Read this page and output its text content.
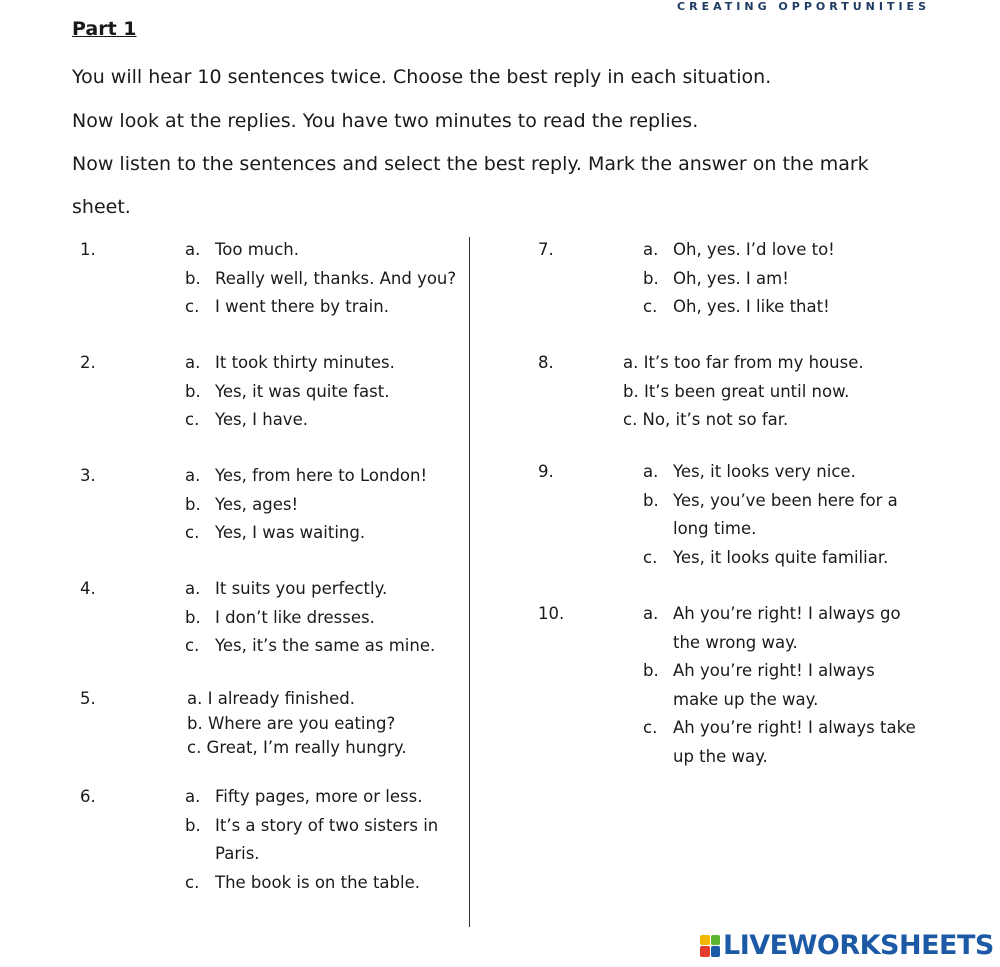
CREATING OPPORTUNITIES
Part 1
You will hear 10 sentences twice. Choose the best reply in each situation.
Now look at the replies. You have two minutes to read the replies.
Now listen to the sentences and select the best reply. Mark the answer on the mark
sheet.
1.	a. Too much.
b. Really well, thanks. And you?
c. I went there by train.
2.	a. It took thirty minutes.
b. Yes, it was quite fast.
c. Yes, I have.
3.	a. Yes, from here to London!
b. Yes, ages!
c. Yes, I was waiting.
4.	a. It suits you perfectly.
b. I don’t like dresses.
c. Yes, it’s the same as mine.
5.	a. I already finished.
b. Where are you eating?
c. Great, I’m really hungry.
6.	a. Fifty pages, more or less.
b. It’s a story of two sisters in
Paris.
c. The book is on the table.
7.	a. Oh, yes. I’d love to!
b. Oh, yes. I am!
c. Oh, yes. I like that!
8.	a. It’s too far from my house.
b. It’s been great until now.
c. No, it’s not so far.
9.	a. Yes, it looks very nice.
b. Yes, you’ve been here for a
long time.
c. Yes, it looks quite familiar.
10.	a. Ah you’re right! I always go
the wrong way.
b. Ah you’re right! I always
make up the way.
c. Ah you’re right! I always take
up the way.
LIVEWORKSHEETS
